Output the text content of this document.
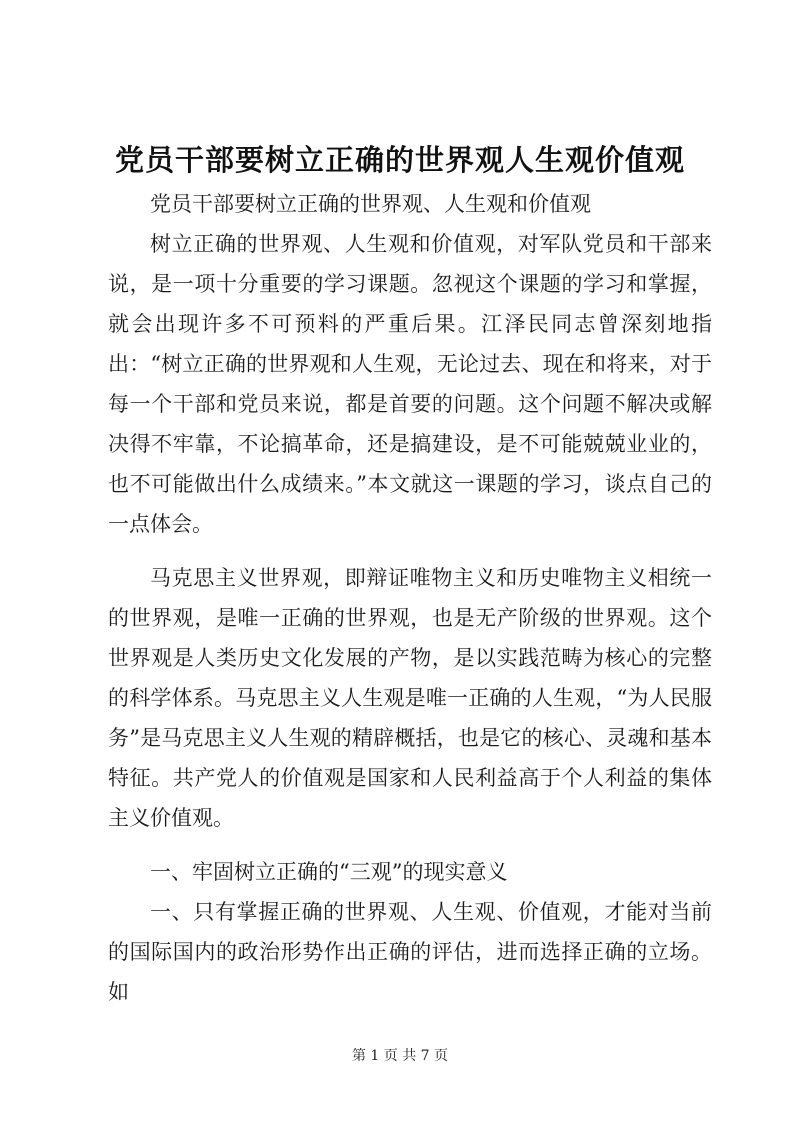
党员干部要树立正确的世界观人生观价值观

党员干部要树立正确的世界观、人生观和价值观

树立正确的世界观、人生观和价值观，对军队党员和干部来说，是一项十分重要的学习课题。忽视这个课题的学习和掌握，就会出现许多不可预料的严重后果。江泽民同志曾深刻地指出：“树立正确的世界观和人生观，无论过去、现在和将来，对于每一个干部和党员来说，都是首要的问题。这个问题不解决或解决得不牢靠，不论搞革命，还是搞建设，是不可能兢兢业业的，也不可能做出什么成绩来。”本文就这一课题的学习，谈点自己的一点体会。

马克思主义世界观，即辩证唯物主义和历史唯物主义相统一的世界观，是唯一正确的世界观，也是无产阶级的世界观。这个世界观是人类历史文化发展的产物，是以实践范畴为核心的完整的科学体系。马克思主义人生观是唯一正确的人生观，“为人民服务”是马克思主义人生观的精辟概括，也是它的核心、灵魂和基本特征。共产党人的价值观是国家和人民利益高于个人利益的集体主义价值观。

一、牢固树立正确的“三观”的现实意义

一、只有掌握正确的世界观、人生观、价值观，才能对当前的国际国内的政治形势作出正确的评估，进而选择正确的立场。如

第 1 页 共 7 页
